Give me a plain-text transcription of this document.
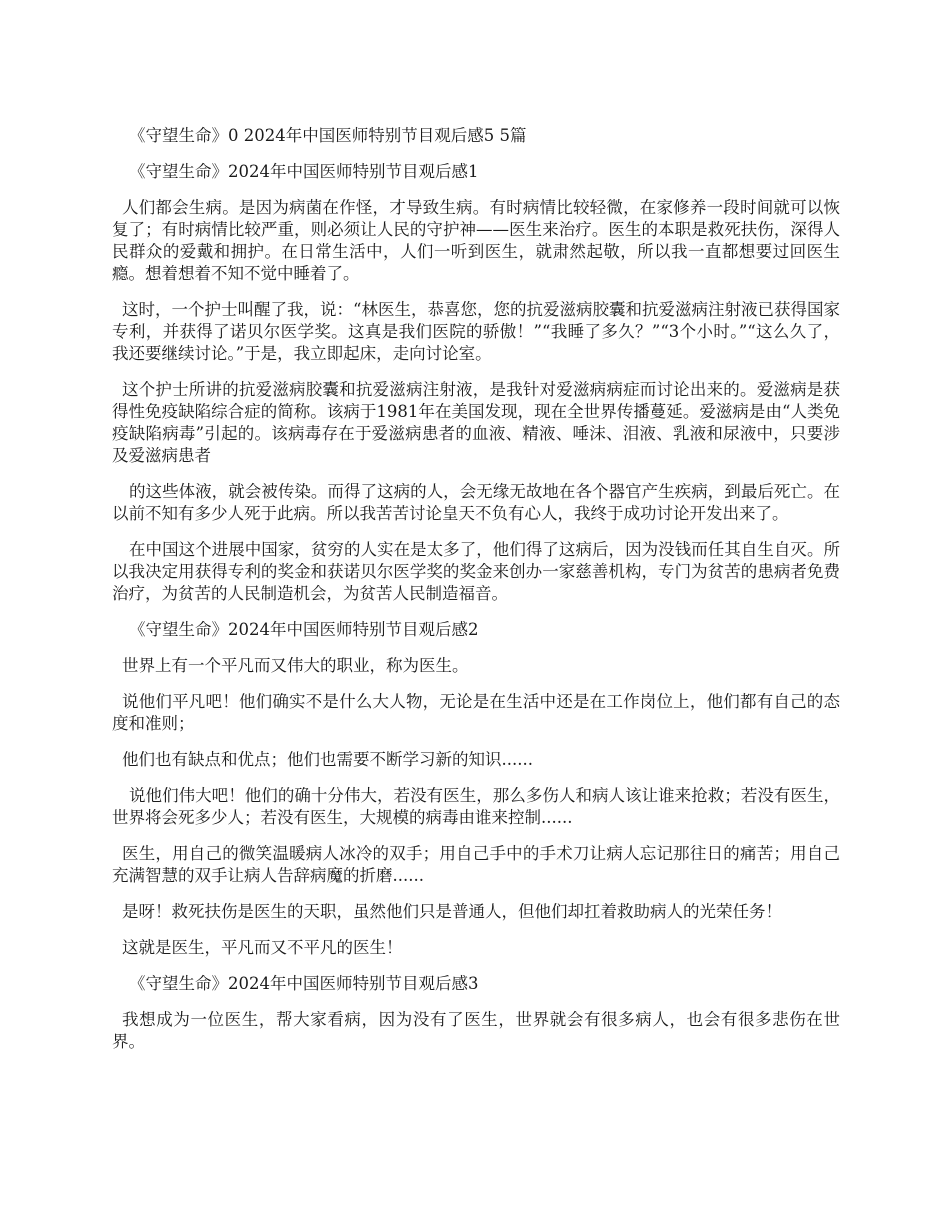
《守望生命》0 2024年中国医师特别节目观后感5 5篇

《守望生命》2024年中国医师特别节目观后感1

人们都会生病。是因为病菌在作怪，才导致生病。有时病情比较轻微，在家修养一段时间就可以恢复了；有时病情比较严重，则必须让人民的守护神——医生来治疗。医生的本职是救死扶伤，深得人民群众的爱戴和拥护。在日常生活中，人们一听到医生，就肃然起敬，所以我一直都想要过回医生瘾。想着想着不知不觉中睡着了。

这时，一个护士叫醒了我，说：“林医生，恭喜您，您的抗爱滋病胶囊和抗爱滋病注射液已获得国家专利，并获得了诺贝尔医学奖。这真是我们医院的骄傲！”“我睡了多久？”“3个小时。”“这么久了，我还要继续讨论。”于是，我立即起床，走向讨论室。

这个护士所讲的抗爱滋病胶囊和抗爱滋病注射液，是我针对爱滋病病症而讨论出来的。爱滋病是获得性免疫缺陷综合症的简称。该病于1981年在美国发现，现在全世界传播蔓延。爱滋病是由“人类免疫缺陷病毒”引起的。该病毒存在于爱滋病患者的血液、精液、唾沫、泪液、乳液和尿液中，只要涉及爱滋病患者

的这些体液，就会被传染。而得了这病的人，会无缘无故地在各个器官产生疾病，到最后死亡。在以前不知有多少人死于此病。所以我苦苦讨论皇天不负有心人，我终于成功讨论开发出来了。

在中国这个进展中国家，贫穷的人实在是太多了，他们得了这病后，因为没钱而任其自生自灭。所以我决定用获得专利的奖金和获诺贝尔医学奖的奖金来创办一家慈善机构，专门为贫苦的患病者免费治疗，为贫苦的人民制造机会，为贫苦人民制造福音。

《守望生命》2024年中国医师特别节目观后感2

世界上有一个平凡而又伟大的职业，称为医生。

说他们平凡吧！他们确实不是什么大人物，无论是在生活中还是在工作岗位上，他们都有自己的态度和准则；

他们也有缺点和优点；他们也需要不断学习新的知识......

说他们伟大吧！他们的确十分伟大，若没有医生，那么多伤人和病人该让谁来抢救；若没有医生，世界将会死多少人；若没有医生，大规模的病毒由谁来控制......

医生，用自己的微笑温暖病人冰冷的双手；用自己手中的手术刀让病人忘记那往日的痛苦；用自己充满智慧的双手让病人告辞病魔的折磨......

是呀！救死扶伤是医生的天职，虽然他们只是普通人，但他们却扛着救助病人的光荣任务！

这就是医生，平凡而又不平凡的医生！

《守望生命》2024年中国医师特别节目观后感3

我想成为一位医生，帮大家看病，因为没有了医生，世界就会有很多病人，也会有很多悲伤在世界。
